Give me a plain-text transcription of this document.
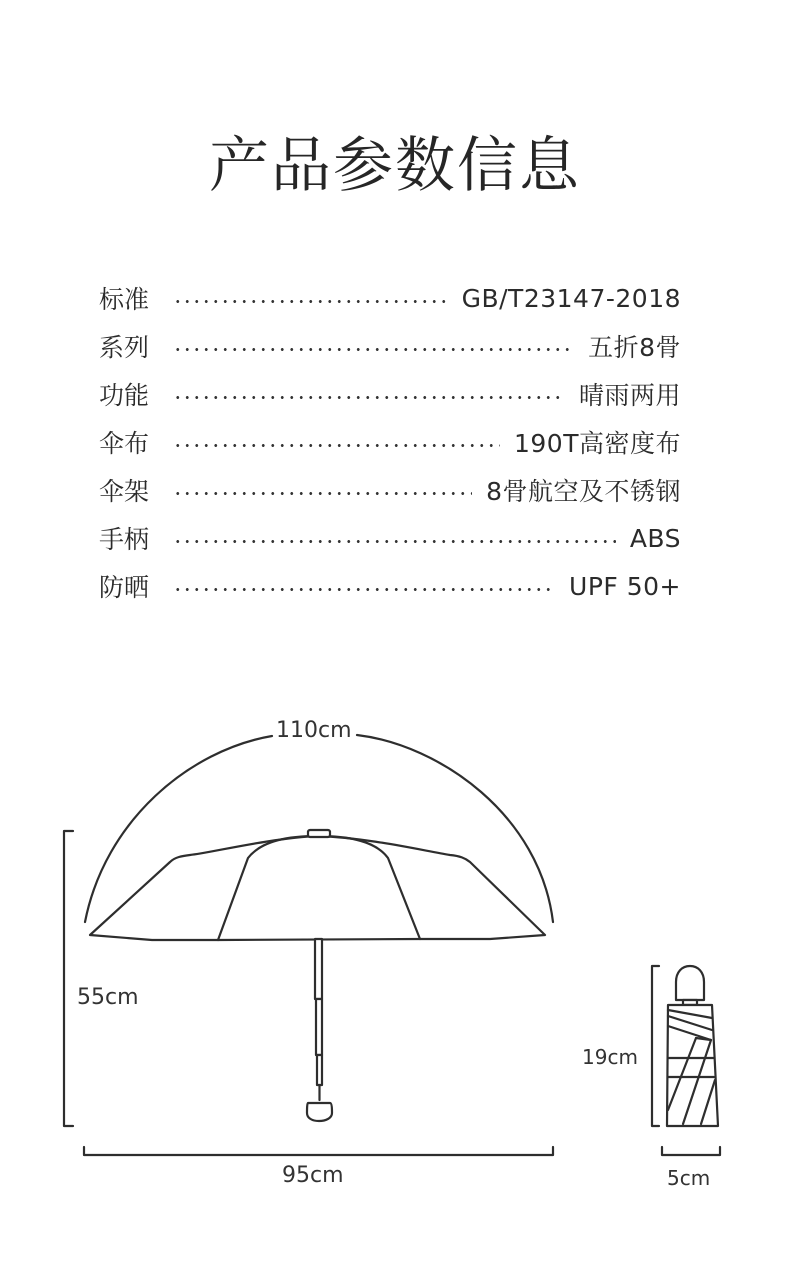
产品参数信息
标准	GB/T23147-2018
系列	五折8骨
功能	晴雨两用
伞布	190T高密度布
伞架	8骨航空及不锈钢
手柄	ABS
防晒	UPF 50+
110cm
55cm
95cm
19cm
5cm
